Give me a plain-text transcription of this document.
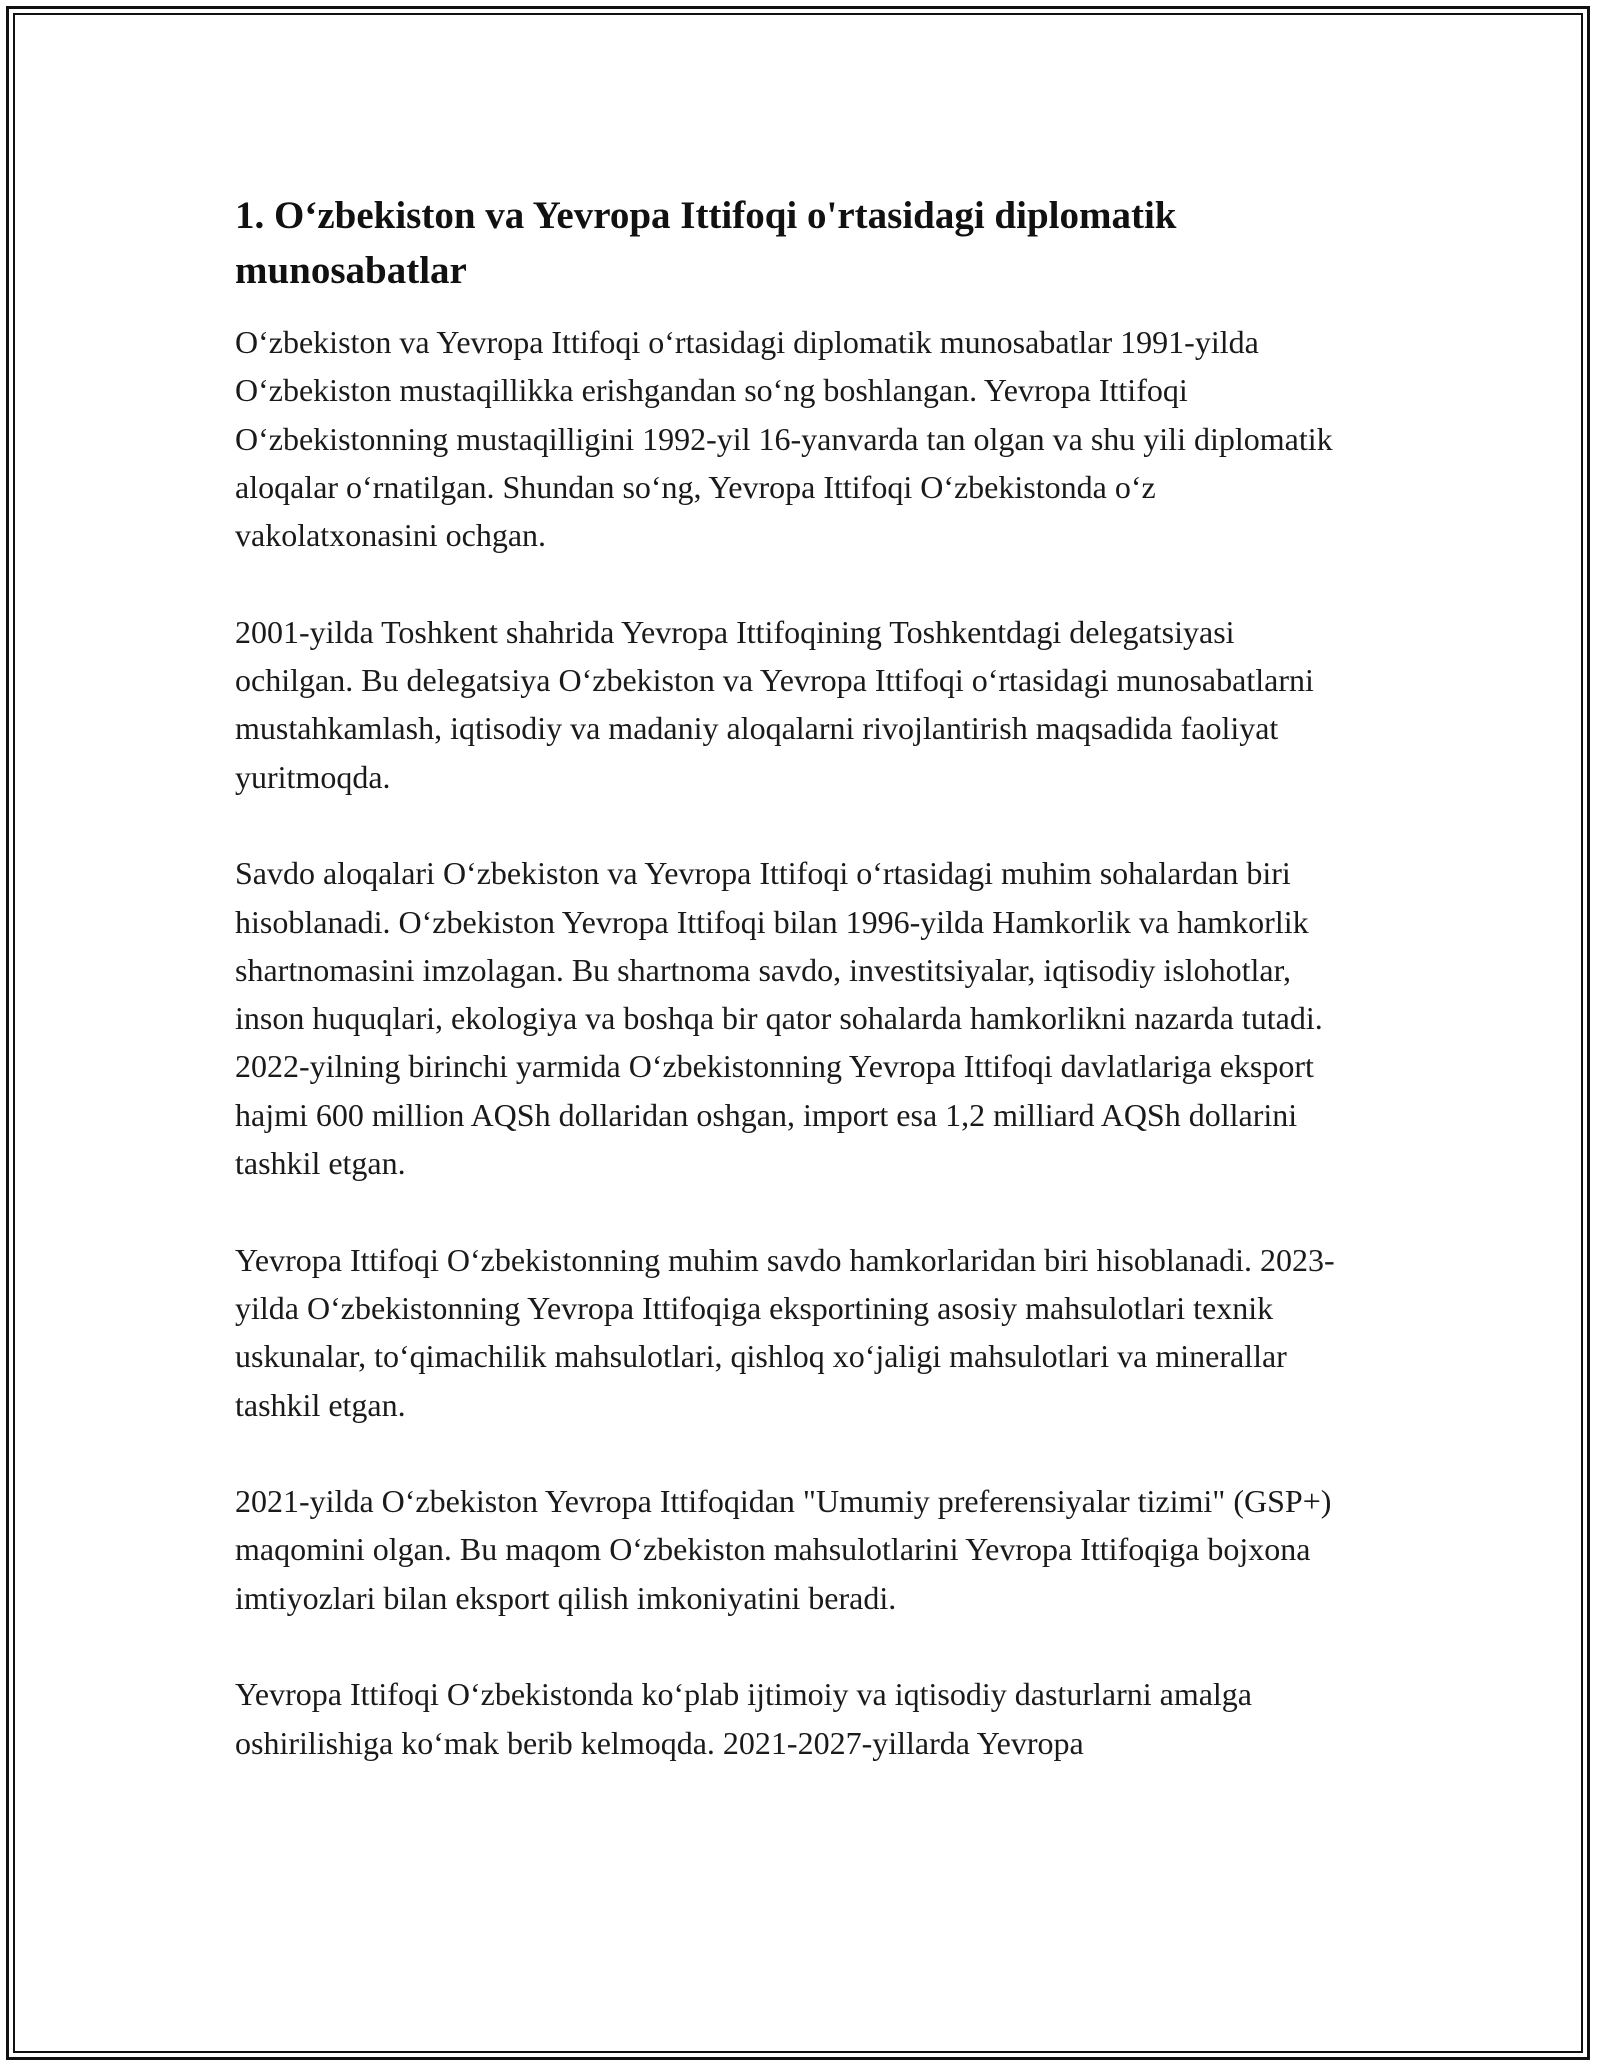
1. O‘zbekiston va Yevropa Ittifoqi o'rtasidagi diplomatik munosabatlar

O‘zbekiston va Yevropa Ittifoqi o‘rtasidagi diplomatik munosabatlar 1991-yilda O‘zbekiston mustaqillikka erishgandan so‘ng boshlangan. Yevropa Ittifoqi O‘zbekistonning mustaqilligini 1992-yil 16-yanvarda tan olgan va shu yili diplomatik aloqalar o‘rnatilgan. Shundan so‘ng, Yevropa Ittifoqi O‘zbekistonda o‘z vakolatxonasini ochgan.

2001-yilda Toshkent shahrida Yevropa Ittifoqining Toshkentdagi delegatsiyasi ochilgan. Bu delegatsiya O‘zbekiston va Yevropa Ittifoqi o‘rtasidagi munosabatlarni mustahkamlash, iqtisodiy va madaniy aloqalarni rivojlantirish maqsadida faoliyat yuritmoqda.

Savdo aloqalari O‘zbekiston va Yevropa Ittifoqi o‘rtasidagi muhim sohalardan biri hisoblanadi. O‘zbekiston Yevropa Ittifoqi bilan 1996-yilda Hamkorlik va hamkorlik shartnomasini imzolagan. Bu shartnoma savdo, investitsiyalar, iqtisodiy islohotlar, inson huquqlari, ekologiya va boshqa bir qator sohalarda hamkorlikni nazarda tutadi. 2022-yilning birinchi yarmida O‘zbekistonning Yevropa Ittifoqi davlatlariga eksport hajmi 600 million AQSh dollaridan oshgan, import esa 1,2 milliard AQSh dollarini tashkil etgan.

Yevropa Ittifoqi O‘zbekistonning muhim savdo hamkorlaridan biri hisoblanadi. 2023-yilda O‘zbekistonning Yevropa Ittifoqiga eksportining asosiy mahsulotlari texnik uskunalar, to‘qimachilik mahsulotlari, qishloq xo‘jaligi mahsulotlari va minerallar tashkil etgan.

2021-yilda O‘zbekiston Yevropa Ittifoqidan "Umumiy preferensiyalar tizimi" (GSP+) maqomini olgan. Bu maqom O‘zbekiston mahsulotlarini Yevropa Ittifoqiga bojxona imtiyozlari bilan eksport qilish imkoniyatini beradi.

Yevropa Ittifoqi O‘zbekistonda ko‘plab ijtimoiy va iqtisodiy dasturlarni amalga oshirilishiga ko‘mak berib kelmoqda. 2021-2027-yillarda Yevropa
